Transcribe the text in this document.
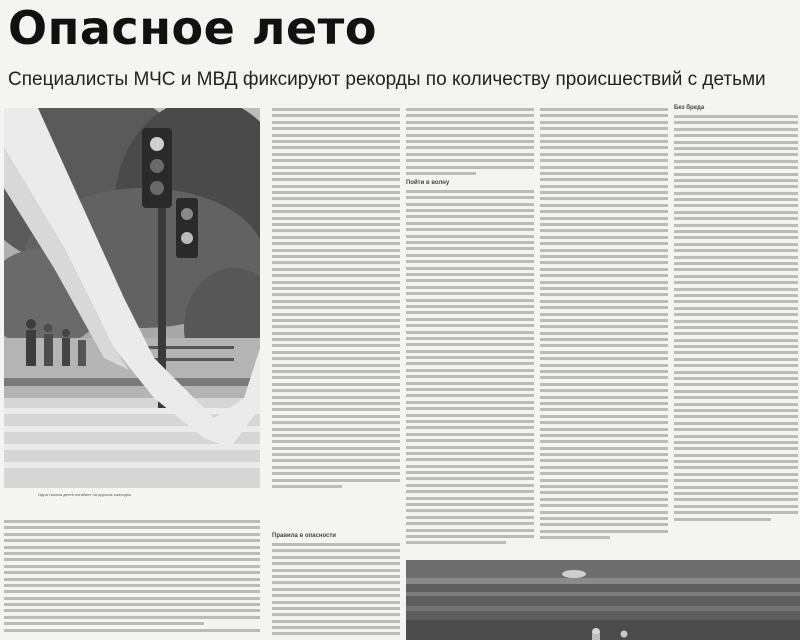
Опасное лето
Специалисты МЧС и МВД фиксируют рекорды по количеству происшествий с детьми
Одна тысяча детей погибает на дорогах ежегодно
Правила в опасности
Пойти в волну
Без бреда
